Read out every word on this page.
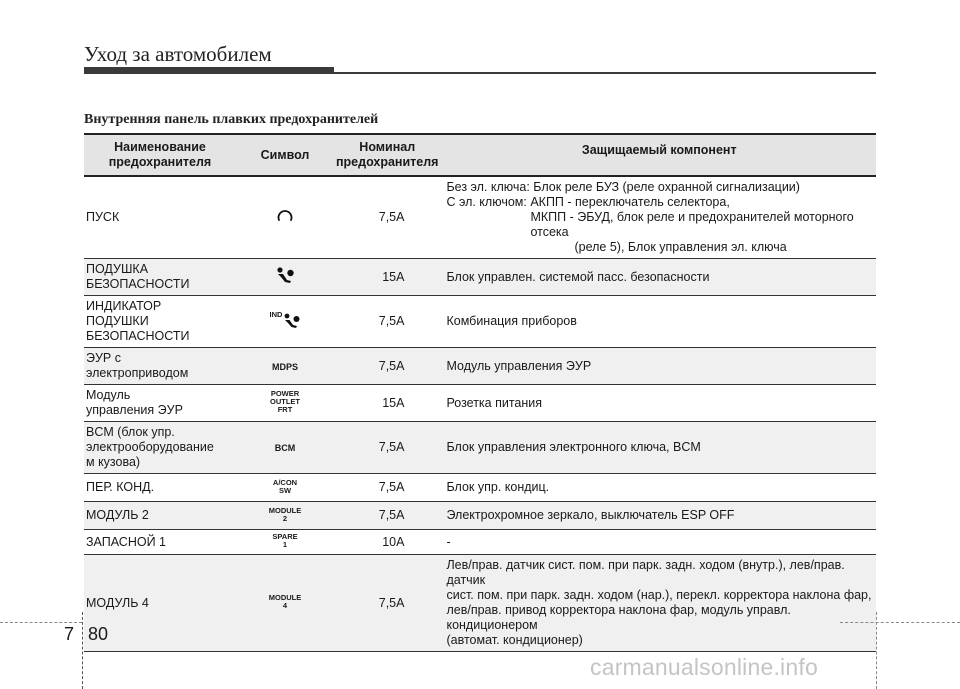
Уход за автомобилем
Внутренняя панель плавких предохранителей
Наименование предохранителя	Символ	Номинал предохранителя	Защищаемый компонент

ПУСК		7,5А	Без эл. ключа: Блок реле БУЗ (реле охранной сигнализации)
С эл. ключом: АКПП - переключатель селектора,
МКПП - ЭБУД, блок реле и предохранителей моторного отсека
(реле 5), Блок управления эл. ключа

ПОДУШКА
БЕЗОПАСНОСТИ		15А	Блок управлен. системой пасс. безопасности

ИНДИКАТОР
ПОДУШКИ
БЕЗОПАСНОСТИ	IND	7,5А	Комбинация приборов

ЭУР с
электроприводом	MDPS	7,5А	Модуль управления ЭУР

Модуль
управления ЭУР	POWER
OUTLET
FRT	15А	Розетка питания

BCM (блок упр.
электрооборудование
м кузова)	BCM	7,5А	Блок управления электронного ключа, BCM

ПЕР. КОНД.	A/CON
SW	7,5А	Блок упр. кондиц.

МОДУЛЬ 2	MODULE
2	7,5А	Электрохромное зеркало, выключатель ESP OFF

ЗАПАСНОЙ 1	SPARE
1	10А	-

МОДУЛЬ 4	MODULE
4	7,5А	Лев/прав. датчик сист. пом. при парк. задн. ходом (внутр.), лев/прав. датчик
сист. пом. при парк. задн. ходом (нар.), перекл. корректора наклона фар,
лев/прав. привод корректора наклона фар, модуль управл. кондиционером
(автомат. кондиционер)
7 80
carmanualsonline.info
